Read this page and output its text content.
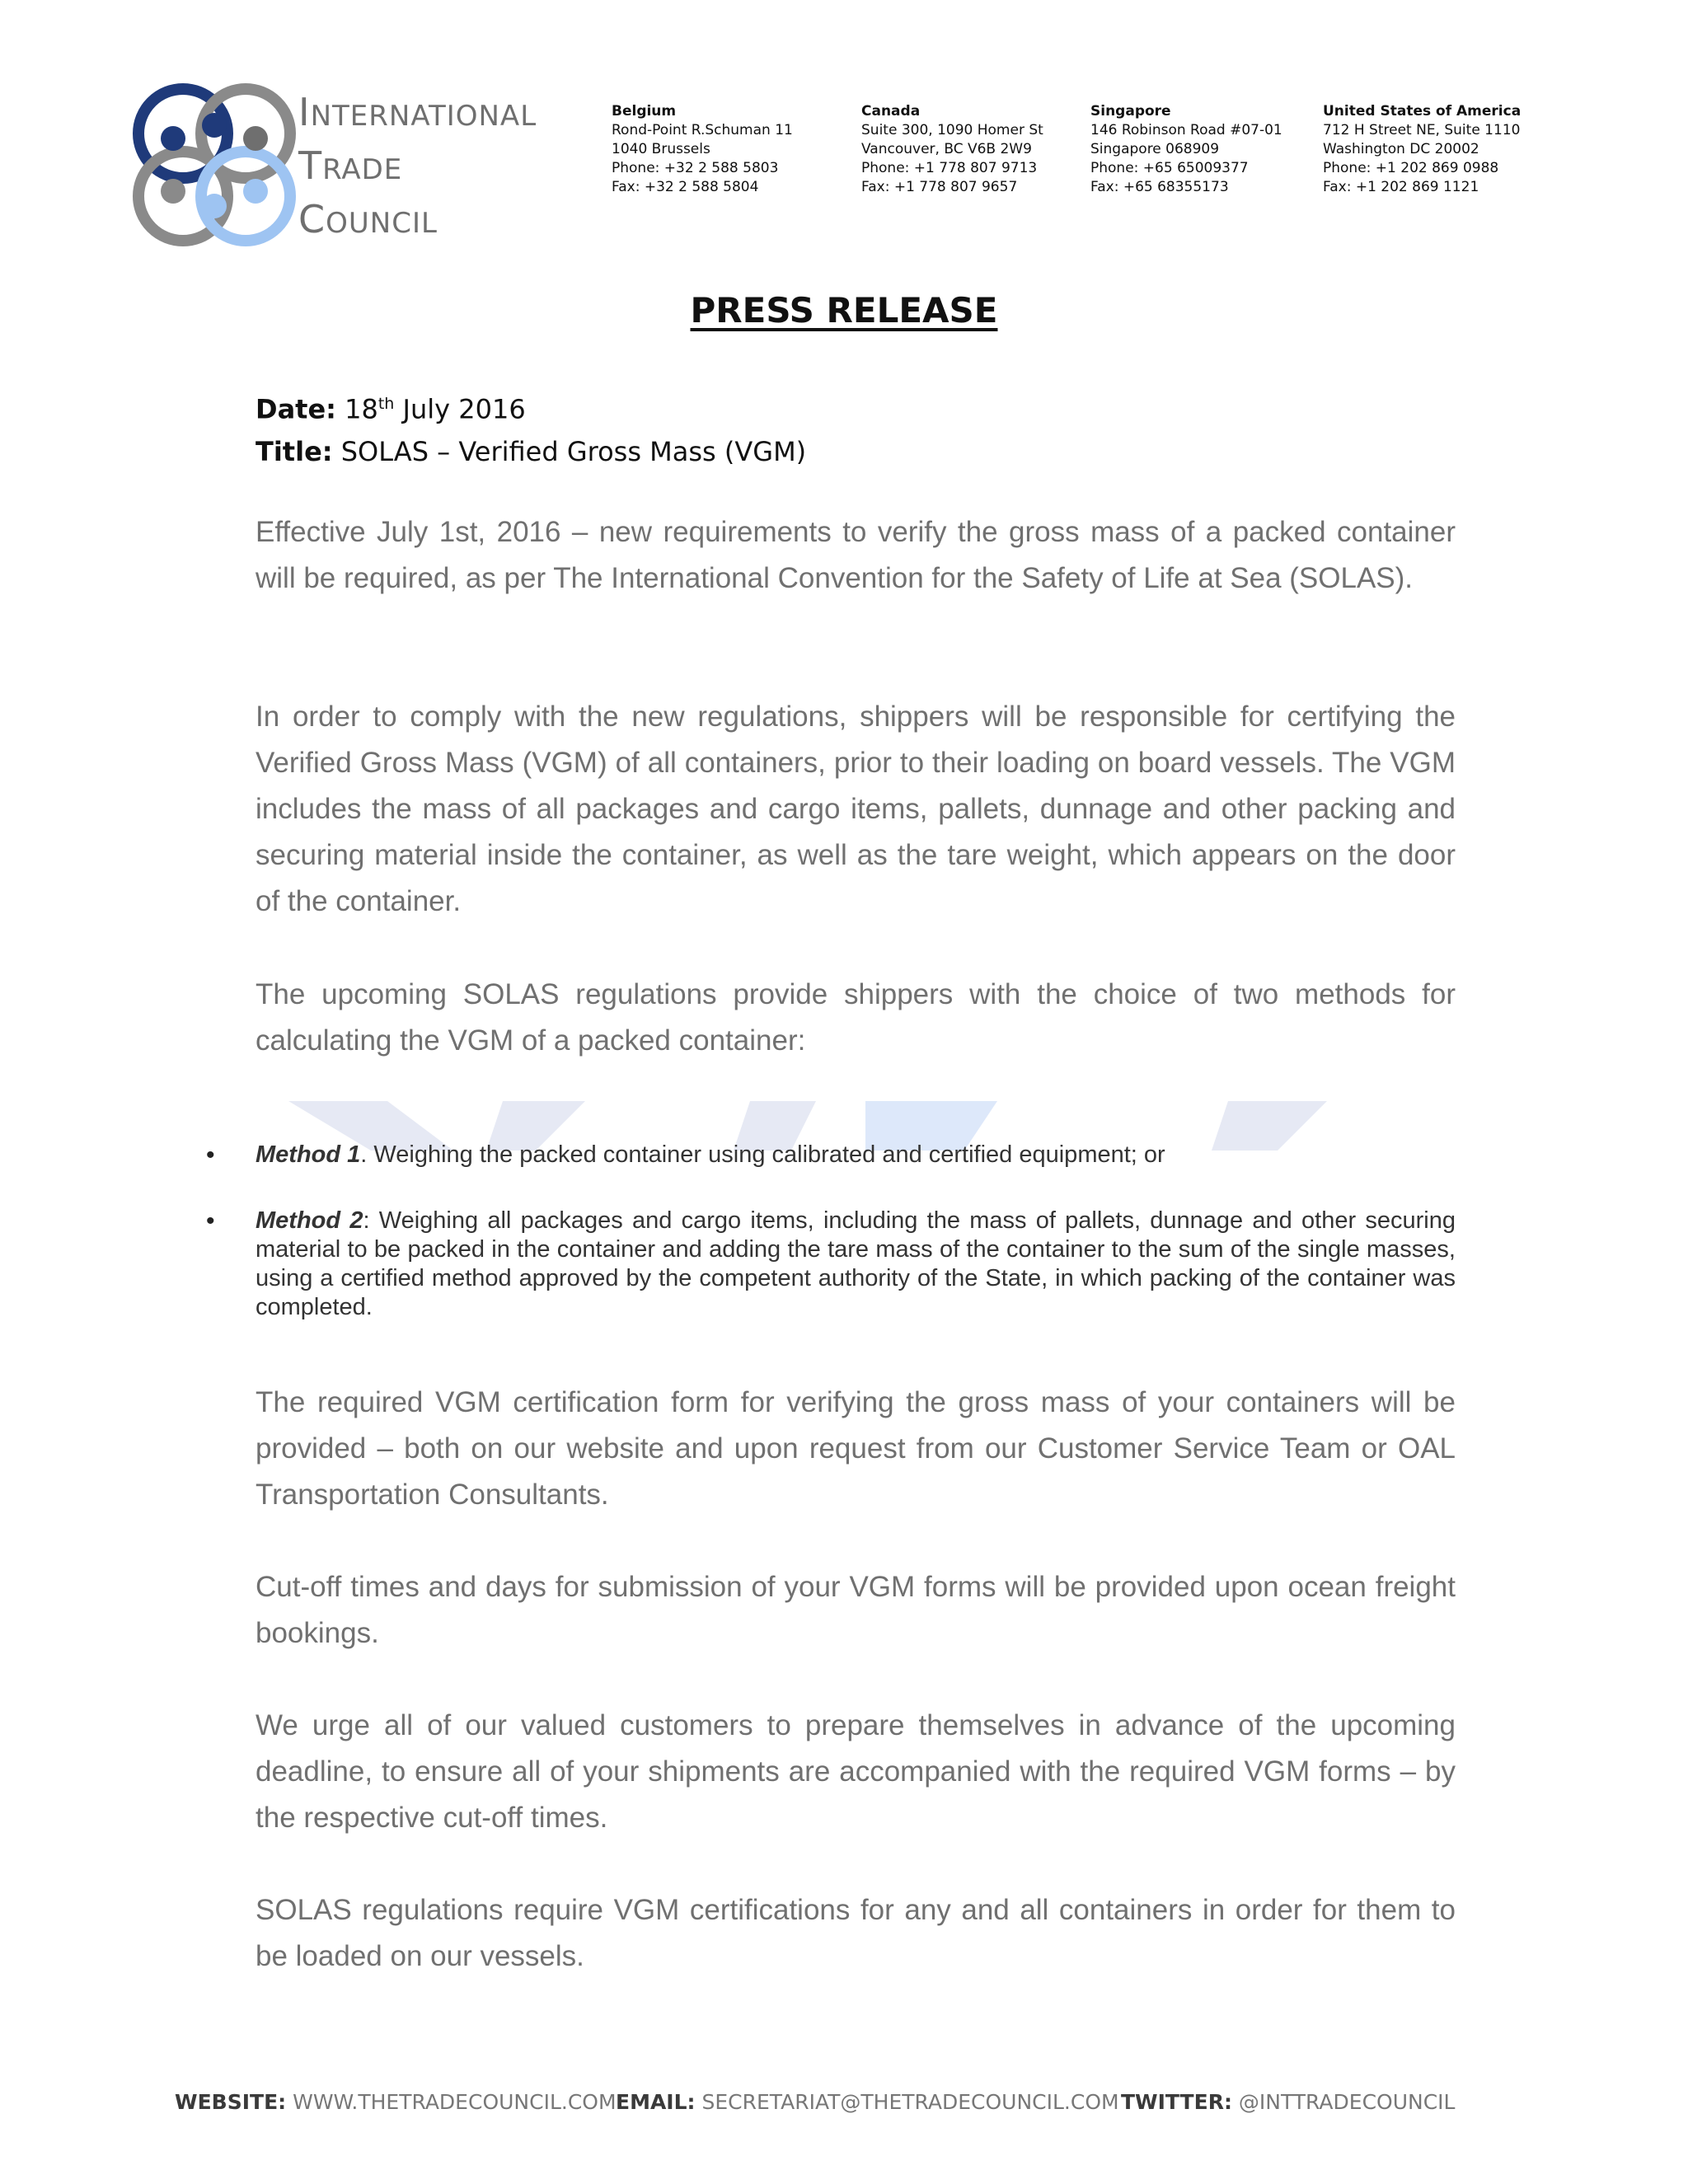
INTERNATIONAL
TRADE
COUNCIL
Belgium
Rond-Point R.Schuman 11
1040 Brussels
Phone: +32 2 588 5803
Fax: +32 2 588 5804
Canada
Suite 300, 1090 Homer St
Vancouver, BC V6B 2W9
Phone: +1 778 807 9713
Fax: +1 778 807 9657
Singapore
146 Robinson Road #07-01
Singapore 068909
Phone: +65 65009377
Fax: +65 68355173
United States of America
712 H Street NE, Suite 1110
Washington DC 20002
Phone: +1 202 869 0988
Fax: +1 202 869 1121
PRESS RELEASE
Date: 18th July 2016
Title: SOLAS – Verified Gross Mass (VGM)

Effective July 1st, 2016 – new requirements to verify the gross mass of a packed container will be required, as per The International Convention for the Safety of Life at Sea (SOLAS).

In order to comply with the new regulations, shippers will be responsible for certifying the Verified Gross Mass (VGM) of all containers, prior to their loading on board vessels. The VGM includes the mass of all packages and cargo items, pallets, dunnage and other packing and securing material inside the container, as well as the tare weight, which appears on the door of the container.

The upcoming SOLAS regulations provide shippers with the choice of two methods for calculating the VGM of a packed container:

•	Method 1. Weighing the packed container using calibrated and certified equipment; or
•	Method 2: Weighing all packages and cargo items, including the mass of pallets, dunnage and other securing material to be packed in the container and adding the tare mass of the container to the sum of the single masses, using a certified method approved by the competent authority of the State, in which packing of the container was completed.

The required VGM certification form for verifying the gross mass of your containers will be provided – both on our website and upon request from our Customer Service Team or OAL Transportation Consultants.

Cut-off times and days for submission of your VGM forms will be provided upon ocean freight bookings.

We urge all of our valued customers to prepare themselves in advance of the upcoming deadline, to ensure all of your shipments are accompanied with the required VGM forms – by the respective cut-off times.

SOLAS regulations require VGM certifications for any and all containers in order for them to be loaded on our vessels.

WEBSITE: WWW.THETRADECOUNCIL.COM EMAIL: SECRETARIAT@THETRADECOUNCIL.COM TWITTER: @INTTRADECOUNCIL
